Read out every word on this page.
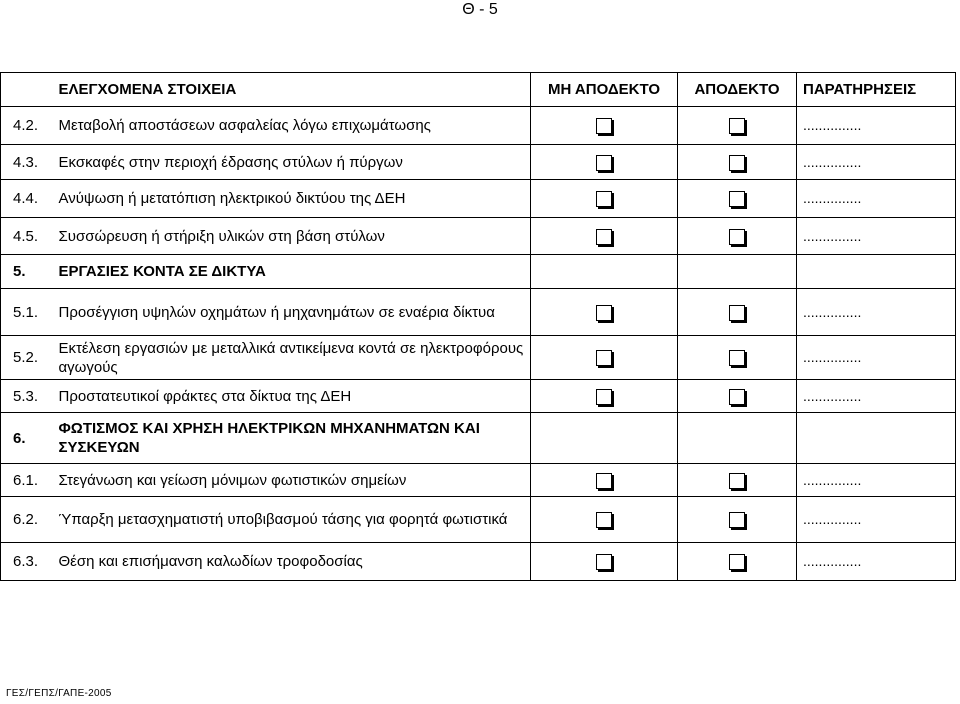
Θ - 5
	ΕΛΕΓΧΟΜΕΝΑ ΣΤΟΙΧΕΙΑ	ΜΗ ΑΠΟΔΕΚΤΟ	ΑΠΟΔΕΚΤΟ	ΠΑΡΑΤΗΡΗΣΕΙΣ
4.2.	Μεταβολή αποστάσεων ασφαλείας λόγω επιχωμάτωσης			...............
4.3.	Εκσκαφές στην περιοχή έδρασης στύλων ή πύργων			...............
4.4.	Ανύψωση ή μετατόπιση ηλεκτρικού δικτύου της ΔΕΗ			...............
4.5.	Συσσώρευση ή στήριξη υλικών στη βάση στύλων			...............
5.	ΕΡΓΑΣΙΕΣ ΚΟΝΤΑ ΣΕ ΔΙΚΤΥΑ			
5.1.	Προσέγγιση υψηλών οχημάτων ή μηχανημάτων σε εναέρια δίκτυα			...............
5.2.	Εκτέλεση εργασιών με μεταλλικά αντικείμενα κοντά σε ηλεκτροφόρους αγωγούς			...............
5.3.	Προστατευτικοί φράκτες στα δίκτυα της ΔΕΗ			...............
6.	ΦΩΤΙΣΜΟΣ ΚΑΙ ΧΡΗΣΗ ΗΛΕΚΤΡΙΚΩΝ ΜΗΧΑΝΗΜΑΤΩΝ ΚΑΙ ΣΥΣΚΕΥΩΝ			
6.1.	Στεγάνωση και γείωση μόνιμων φωτιστικών σημείων			...............
6.2.	Ύπαρξη μετασχηματιστή υποβιβασμού τάσης για φορητά φωτιστικά			...............
6.3.	Θέση και επισήμανση καλωδίων τροφοδοσίας			...............
ΓΕΣ/ΓΕΠΣ/ΓΑΠΕ-2005
